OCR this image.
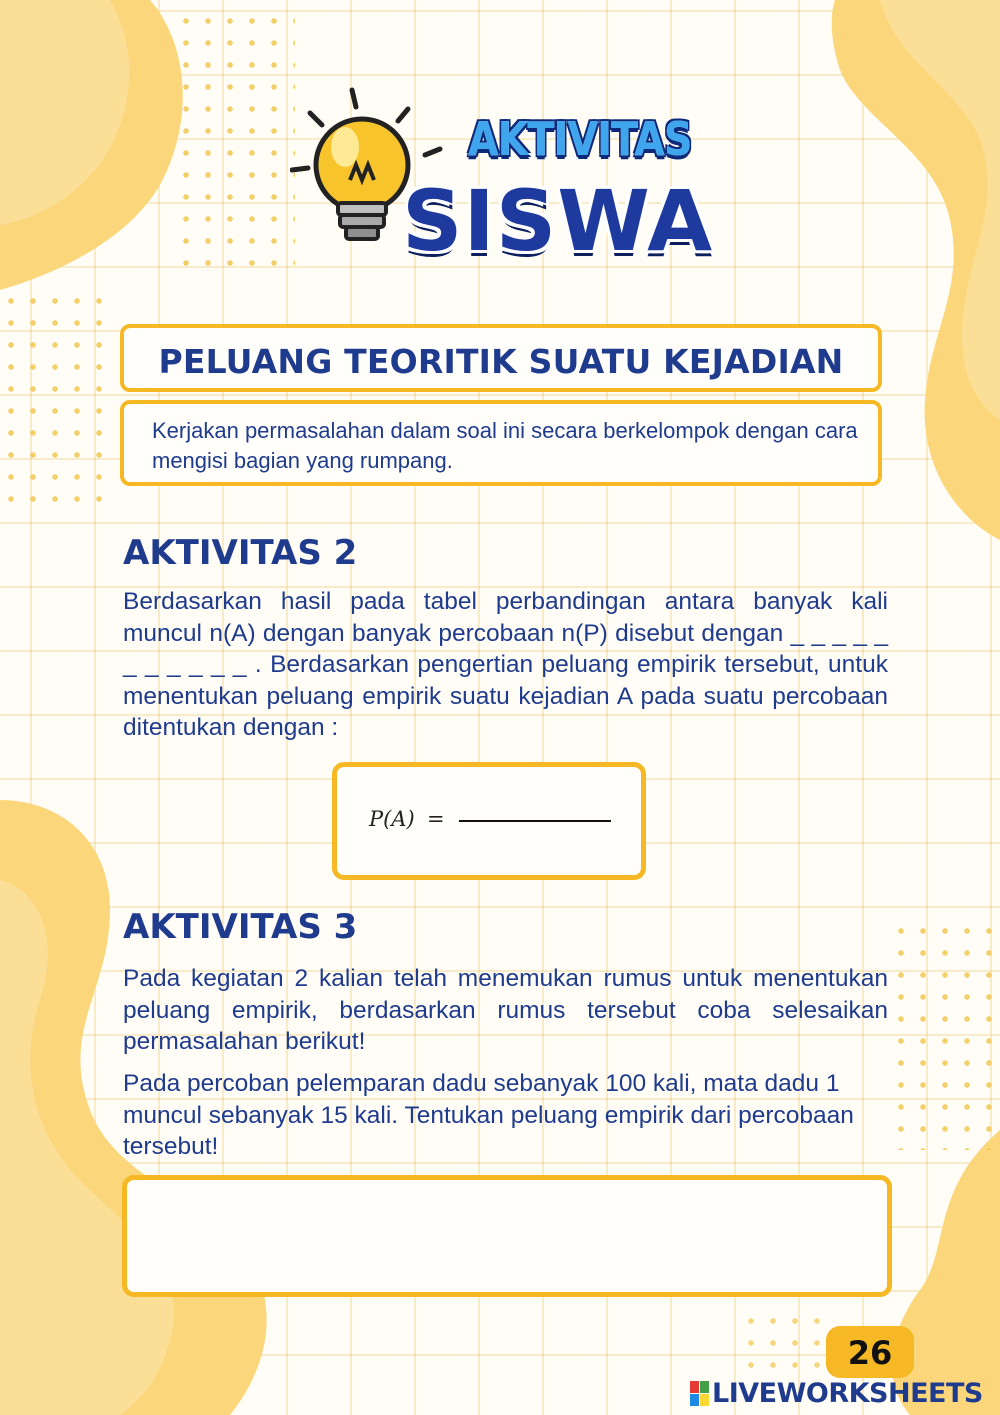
AKTIVITAS

SISWA

PELUANG TEORITIK SUATU KEJADIAN

Kerjakan permasalahan dalam soal ini secara berkelompok dengan cara mengisi bagian yang rumpang.

AKTIVITAS 2

Berdasarkan hasil pada tabel perbandingan antara banyak kali muncul n(A) dengan banyak percobaan n(P) disebut dengan _ _ _ _ _ _ _ _ _ _ _ . Berdasarkan pengertian peluang empirik tersebut, untuk menentukan peluang empirik suatu kejadian A pada suatu percobaan ditentukan dengan :

P(A) =
AKTIVITAS 3

Pada kegiatan 2 kalian telah menemukan rumus untuk menentukan peluang empirik, berdasarkan rumus tersebut coba selesaikan permasalahan berikut!

Pada percoban pelemparan dadu sebanyak 100 kali, mata dadu 1 muncul sebanyak 15 kali. Tentukan peluang empirik dari percobaan tersebut!

26

LIVEWORKSHEETS
